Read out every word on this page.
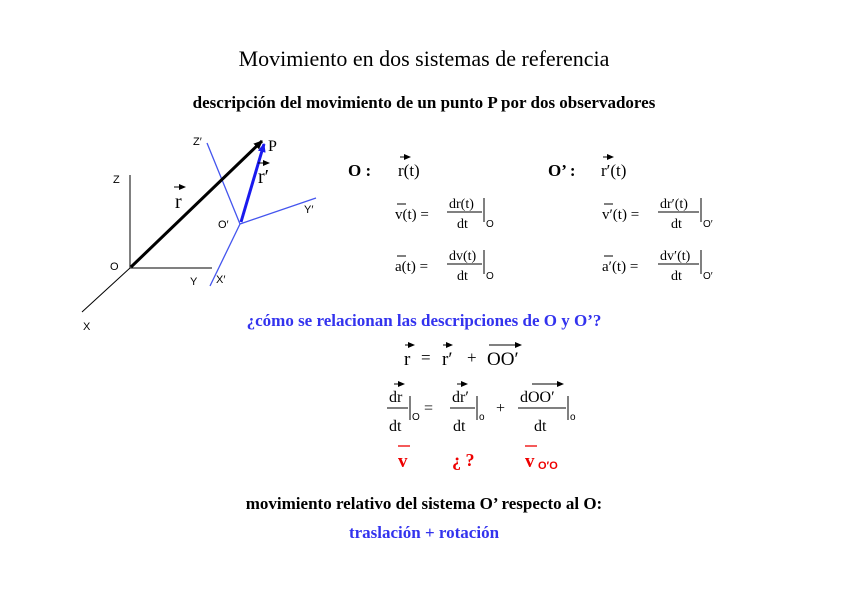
Movimiento en dos sistemas de referencia
descripción del movimiento de un punto P por dos observadores
Z
Y
X
O
Z′
Y′
X′
O′
P
r
r′	O : r(t)
v(t) =
dr(t)
dt O
a(t) =
dv(t)
dt O
O’ : r′(t)
v′(t) =
dr′(t)
dt O′
a′(t) =
dv′(t)
dt O′
r = r′ + OO′
dr
dt
O
=
dr′
dt
o
+
dOO′
dt
o
v ¿ ?	v O′O
¿cómo se relacionan las descripciones de O y O’?
movimiento relativo del sistema O’ respecto al O:
traslación + rotación
